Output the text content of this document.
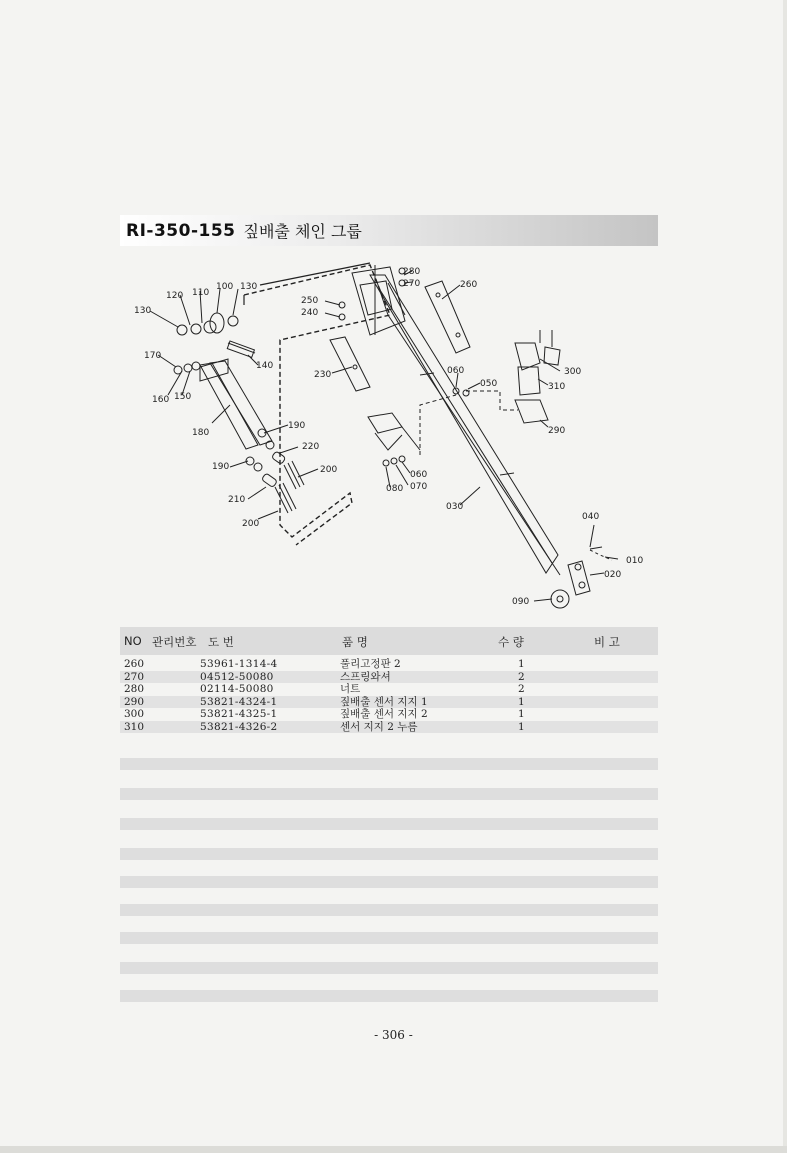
RI-350-155 짚배출 체인 그룹
280
270	260
250
240
120 110
100 130
130
170
140
230	060
050
300
310
160 150
180
190
220
290
190	200	060
070
080
210
200
030
040
010
020
090
NO 관리번호 도 번	품 명	수 량	비 고
260	53961-1314-4	풀리고정판 2	1
270	04512-50080	스프링와셔	2
280	02114-50080	너트	2
290	53821-4324-1	짚배출 센서 지지 1	1
300	53821-4325-1	짚배출 센서 지지 2	1
310	53821-4326-2	센서 지지 2 누름	1
- 306 -
